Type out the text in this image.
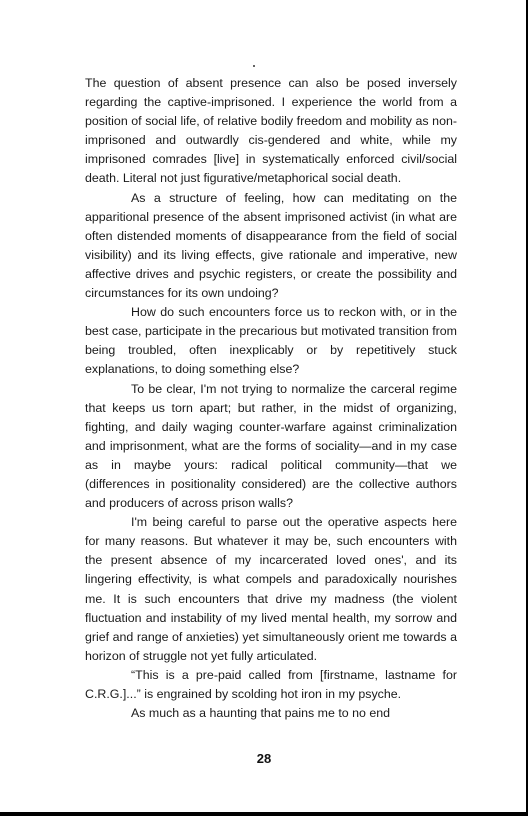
The question of absent presence can also be posed inversely regarding the captive-imprisoned. I experience the world from a position of social life, of relative bodily freedom and mobility as non-imprisoned and outwardly cis-gendered and white, while my imprisoned comrades [live] in systematically enforced civil/social death. Literal not just figurative/metaphorical social death.

As a structure of feeling, how can meditating on the apparitional presence of the absent imprisoned activist (in what are often distended moments of disappearance from the field of social visibility) and its living effects, give rationale and imperative, new affective drives and psychic registers, or create the possibility and circumstances for its own undoing?

How do such encounters force us to reckon with, or in the best case, participate in the precarious but motivated transition from being troubled, often inexplicably or by repetitively stuck explanations, to doing something else?

To be clear, I'm not trying to normalize the carceral regime that keeps us torn apart; but rather, in the midst of organizing, fighting, and daily waging counter-warfare against criminalization and imprisonment, what are the forms of sociality—and in my case as in maybe yours: radical political community—that we (differences in positionality considered) are the collective authors and producers of across prison walls?

I'm being careful to parse out the operative aspects here for many reasons. But whatever it may be, such encounters with the present absence of my incarcerated loved ones', and its lingering effectivity, is what compels and paradoxically nourishes me. It is such encounters that drive my madness (the violent fluctuation and instability of my lived mental health, my sorrow and grief and range of anxieties) yet simultaneously orient me towards a horizon of struggle not yet fully articulated.

“This is a pre-paid called from [firstname, lastname for C.R.G.]...” is engrained by scolding hot iron in my psyche.

As much as a haunting that pains me to no end

28
